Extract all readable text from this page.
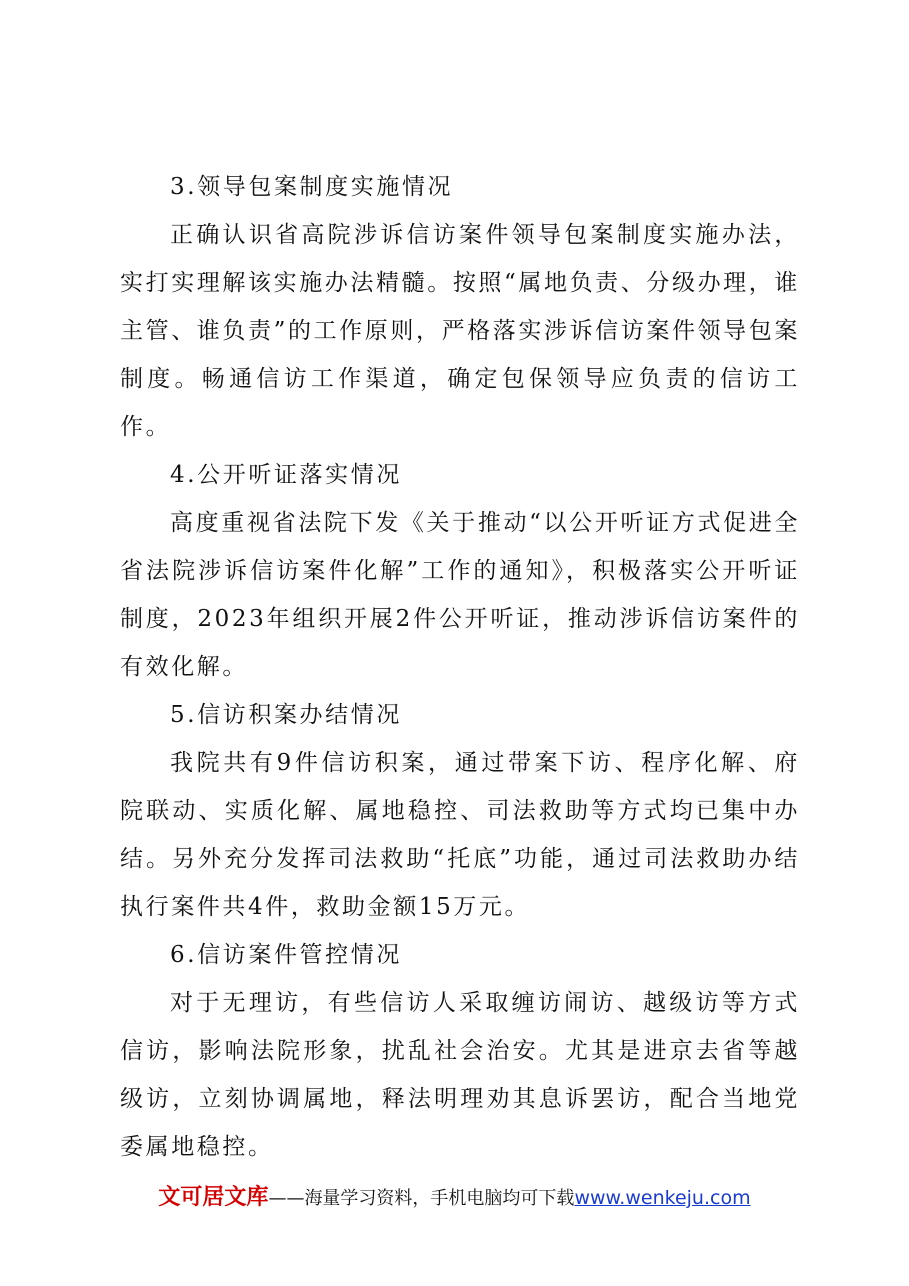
3.领导包案制度实施情况

正确认识省高院涉诉信访案件领导包案制度实施办法，实打实理解该实施办法精髓。按照“属地负责、分级办理，谁主管、谁负责”的工作原则，严格落实涉诉信访案件领导包案制度。畅通信访工作渠道，确定包保领导应负责的信访工作。

4.公开听证落实情况

高度重视省法院下发《关于推动“以公开听证方式促进全省法院涉诉信访案件化解”工作的通知》，积极落实公开听证制度，2023年组织开展2件公开听证，推动涉诉信访案件的有效化解。

5.信访积案办结情况

我院共有9件信访积案，通过带案下访、程序化解、府院联动、实质化解、属地稳控、司法救助等方式均已集中办结。另外充分发挥司法救助“托底”功能，通过司法救助办结执行案件共4件，救助金额15万元。

6.信访案件管控情况

对于无理访，有些信访人采取缠访闹访、越级访等方式信访，影响法院形象，扰乱社会治安。尤其是进京去省等越级访，立刻协调属地，释法明理劝其息诉罢访，配合当地党委属地稳控。

文可居文库——海量学习资料，手机电脑均可下载www.wenkeju.com
